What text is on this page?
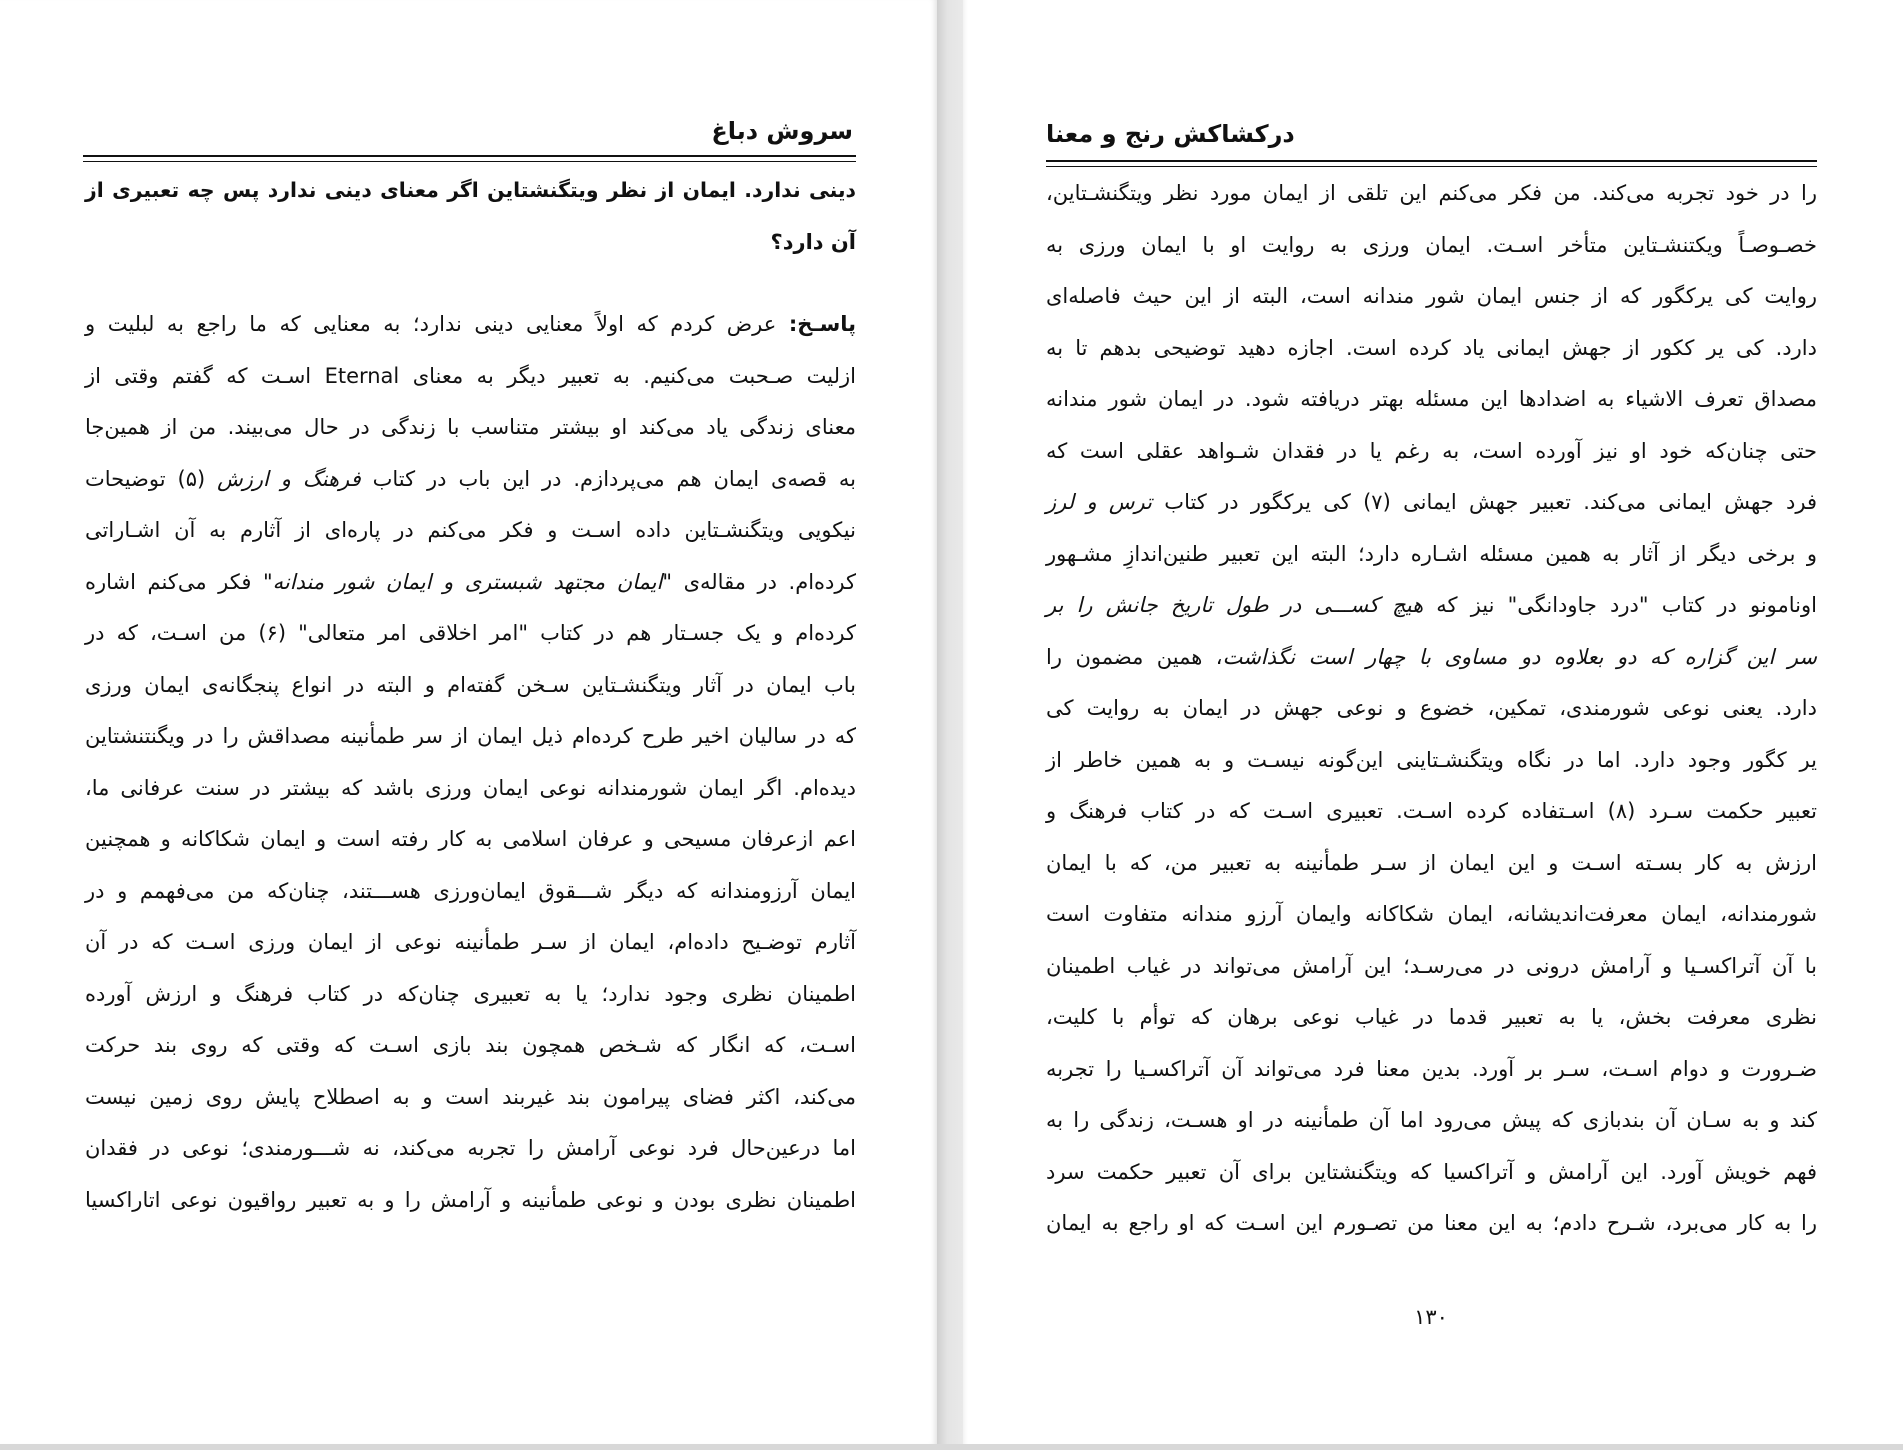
سروش دباغ
دینی ندارد. ایمان از نظر ویتگنشتاین اگر معنای دینی ندارد پس چه تعبیری از
آن دارد؟
پاسـخ: عرض کردم که اولاً معنایی دینی ندارد؛ به معنایی که ما راجع به لبلیت و
ازلیت صـحبت می‌کنیم. به تعبیر دیگر به معنای Eternal اسـت که گفتم وقتی از
معنای زندگی یاد می‌کند او بیشتر متناسب با زندگی در حال می‌بیند. من از همین‌جا
به قصه‌ی ایمان هم می‌پردازم. در این باب در کتاب فرهنگ و ارزش (۵) توضیحات
نیکویی ویتگنشـتاین داده اسـت و فکر می‌کنم در پاره‌ای از آثارم به آن اشـاراتی
کرده‌ام. در مقاله‌ی "ایمان مجتهد شبستری و ایمان شور مندانه" فکر می‌کنم اشاره
کرده‌ام و یک جسـتار هم در کتاب "امر اخلاقی امر متعالی" (۶) من اسـت، که در
باب ایمان در آثار ویتگنشـتاین سـخن گفته‌ام و البته در انواع پنجگانه‌ی ایمان ورزی
که در سالیان اخیر طرح کرده‌ام ذیل ایمان از سر طمأنینه مصداقش را در ویگنتنشتاین
دیده‌ام. اگر ایمان شورمندانه نوعی ایمان ورزی باشد که بیشتر در سنت عرفانی ما،
اعم ازعرفان مسیحی و عرفان اسلامی به کار رفته است و ایمان شکاکانه و همچنین
ایمان آرزومندانه که دیگر شـــقوق ایمان‌ورزی هســـتند، چنان‌که من می‌فهمم و در
آثارم توضـیح داده‌ام، ایمان از سـر طمأنینه نوعی از ایمان ورزی اسـت که در آن
اطمینان نظری وجود ندارد؛ یا به تعبیری چنان‌که در کتاب فرهنگ و ارزش آورده
اسـت، که انگار که شـخص همچون بند بازی اسـت که وقتی که روی بند حرکت
می‌کند، اکثر فضای پیرامون بند غیربند است و به اصطلاح پایش روی زمین نیست
اما درعین‌حال فرد نوعی آرامش را تجربه می‌کند، نه شـــورمندی؛ نوعی در فقدان
اطمینان نظری بودن و نوعی طمأنینه و آرامش را و به تعبیر رواقیون نوعی اتاراکسیا
درکشاکش رنج و معنا
را در خود تجربه می‌کند. من فکر می‌کنم این تلقی از ایمان مورد نظر ویتگنشـتاین،
خصـوصـاً ویکتنشـتاین متأخر اسـت. ایمان ورزی به روایت او با ایمان ورزی به
روایت کی یرکگور که از جنس ایمان شور مندانه است، البته از این حیث فاصله‌ای
دارد. کی یر ککور از جهش ایمانی یاد کرده است. اجازه دهید توضیحی بدهم تا به
مصداق تعرف الاشیاء به اضدادها این مسئله بهتر دریافته شود. در ایمان شور مندانه
حتی چنان‌که خود او نیز آورده است، به رغم یا در فقدان شـواهد عقلی است که
فرد جهش ایمانی می‌کند. تعبیر جهش ایمانی (۷) کی یرکگور در کتاب ترس و لرز
و برخی دیگر از آثار به همین مسئله اشـاره دارد؛ البته این تعبیر طنین‌اندازِ مشـهور
اونامونو در کتاب "درد جاودانگی" نیز که هیچ کســـی در طول تاریخ جانش را بر
سر این گزاره که دو بعلاوه دو مساوی با چهار است نگذاشت، همین مضمون را
دارد. یعنی نوعی شورمندی، تمکین، خضوع و نوعی جهش در ایمان به روایت کی
یر کگور وجود دارد. اما در نگاه ویتگنشـتاینی این‌گونه نیسـت و به همین خاطر از
تعبیر حکمت سـرد (۸) اسـتفاده کرده اسـت. تعبیری اسـت که در کتاب فرهنگ و
ارزش به کار بسـته اسـت و این ایمان از سـر طمأنینه به تعبیر من، که با ایمان
شورمندانه، ایمان معرفت‌اندیشانه، ایمان شکاکانه وایمان آرزو مندانه متفاوت است
با آن آتراکسـیا و آرامش درونی در می‌رسـد؛ این آرامش می‌تواند در غیاب اطمینان
نظری معرفت بخش، یا به تعبیر قدما در غیاب نوعی برهان که توأم با کلیت،
ضـرورت و دوام اسـت، سـر بر آورد. بدین معنا فرد می‌تواند آن آتراکسـیا را تجربه
کند و به سـان آن بندبازی که پیش می‌رود اما آن طمأنینه در او هسـت، زندگی را به
فهم خویش آورد. این آرامش و آتراکسیا که ویتگنشتاین برای آن تعبیر حکمت سرد
را به کار می‌برد، شـرح دادم؛ به این معنا من تصـورم این اسـت که او راجع به ایمان
۱۳۰
